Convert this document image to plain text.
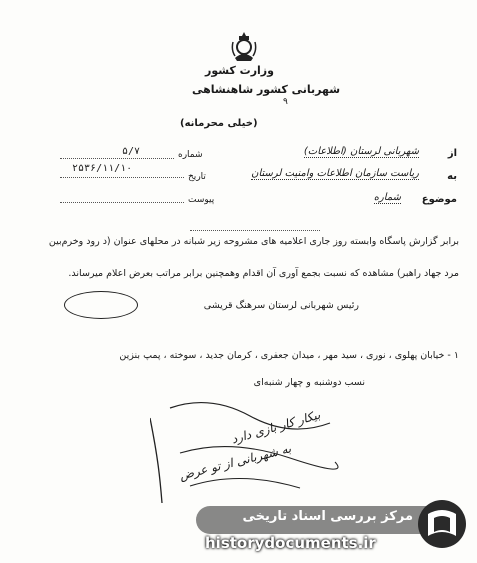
وزارت کشور
شهربانی کشور شاهنشاهی
۹
(خیلی محرمانه)
از
شهربانی لرستان (اطلاعات)
به
ریاست سازمان اطلاعات وامنیت لرستان
موضوع
شماره
شماره
۵/۷
تاریخ
۲۵۳۶/۱۱/۱۰
پیوست
برابر گزارش پاسگاه وابسته روز جاری اعلامیه های مشروحه زیر شبانه در محلهای عنوان (د رود وخرم‌بین
مرد جهاد راهبر) مشاهده که نسبت بجمع آوری آن اقدام وهمچنین برابر مراتب بعرض اعلام میرساند.
رئیس شهربانی لرستان سرهنگ قریشی
۱ - خیابان پهلوی ، نوری ، سید مهر ، میدان جعفری ، کرمان جدید ، سوخته ، پمپ بنزین
نسب دوشنبه و چهار شنبه‌ای
به شهربانی از تو عرض
بیکار کار بازی دارد
مرکز بررسی اسناد تاریخی
historydocuments.ir
